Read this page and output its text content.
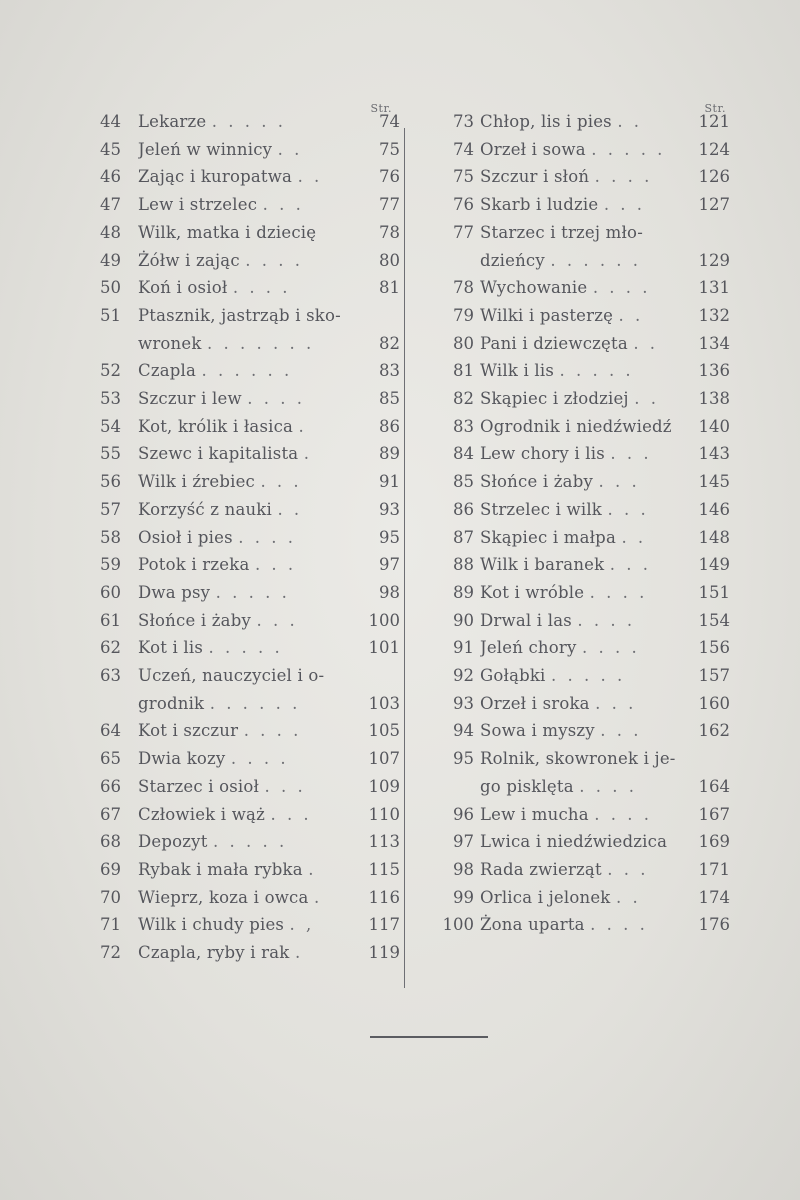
Str.
44	Lekarze . . . . .	74
45	Jeleń w winnicy . .	75
46	Zając i kuropatwa . .	76
47	Lew i strzelec . . .	77
48	Wilk, matka i dziecię	78
49	Żółw i zając . . . .	80
50	Koń i osioł . . . .	81
51	Ptasznik, jastrząb i sko-
wronek . . . . . . .	82
52	Czapla . . . . . .	83
53	Szczur i lew . . . .	85
54	Kot, królik i łasica .	86
55	Szewc i kapitalista .	89
56	Wilk i źrebiec . . .	91
57	Korzyść z nauki . .	93
58	Osioł i pies . . . .	95
59	Potok i rzeka . . .	97
60	Dwa psy . . . . .	98
61	Słońce i żaby . . .	100
62	Kot i lis . . . . .	101
63	Uczeń, nauczyciel i o-
grodnik . . . . . .	103
64	Kot i szczur . . . .	105
65	Dwia kozy . . . .	107
66	Starzec i osioł . . .	109
67	Człowiek i wąż . . .	110
68	Depozyt . . . . .	113
69	Rybak i mała rybka .	115
70	Wieprz, koza i owca .	116
71	Wilk i chudy pies . ,	117
72	Czapla, ryby i rak .	119
Str.
73 Chłop, lis i pies . .	121
74 Orzeł i sowa . . . . .	124
75 Szczur i słoń . . . .	126
76 Skarb i ludzie . . .	127
77 Starzec i trzej mło-
dzieńcy . . . . . .	129
78 Wychowanie . . . .	131
79 Wilki i pasterzę . .	132
80 Pani i dziewczęta . .	134
81 Wilk i lis . . . . .	136
82 Skąpiec i złodziej . .	138
83 Ogrodnik i niedźwiedź	140
84 Lew chory i lis . . .	143
85 Słońce i żaby . . .	145
86 Strzelec i wilk . . .	146
87 Skąpiec i małpa . .	148
88 Wilk i baranek . . .	149
89 Kot i wróble . . . .	151
90 Drwal i las . . . .	154
91 Jeleń chory . . . .	156
92 Gołąbki . . . . .	157
93 Orzeł i sroka . . .	160
94 Sowa i myszy . . .	162
95 Rolnik, skowronek i je-
go pisklęta . . . .	164
96 Lew i mucha . . . .	167
97 Lwica i niedźwiedzica	169
98 Rada zwierząt . . .	171
99 Orlica i jelonek . .	174
100 Żona uparta . . . .	176
